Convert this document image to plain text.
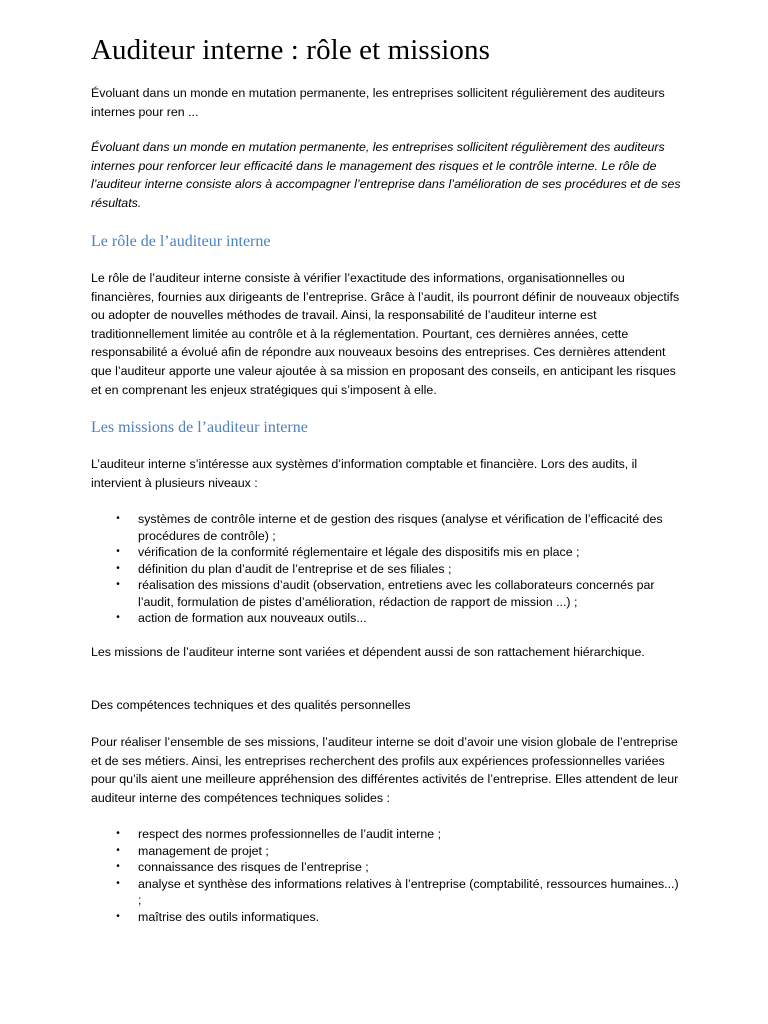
Auditeur interne : rôle et missions

Évoluant dans un monde en mutation permanente, les entreprises sollicitent régulièrement des auditeurs internes pour ren ...

Évoluant dans un monde en mutation permanente, les entreprises sollicitent régulièrement des auditeurs internes pour renforcer leur efficacité dans le management des risques et le contrôle interne. Le rôle de l’auditeur interne consiste alors à accompagner l’entreprise dans l’amélioration de ses procédures et de ses résultats.

Le rôle de l’auditeur interne

Le rôle de l’auditeur interne consiste à vérifier l’exactitude des informations, organisationnelles ou financières, fournies aux dirigeants de l’entreprise. Grâce à l’audit, ils pourront définir de nouveaux objectifs ou adopter de nouvelles méthodes de travail. Ainsi, la responsabilité de l’auditeur interne est traditionnellement limitée au contrôle et à la réglementation. Pourtant, ces dernières années, cette responsabilité a évolué afin de répondre aux nouveaux besoins des entreprises. Ces dernières attendent que l’auditeur apporte une valeur ajoutée à sa mission en proposant des conseils, en anticipant les risques et en comprenant les enjeux stratégiques qui s’imposent à elle.

Les missions de l’auditeur interne

L’auditeur interne s’intéresse aux systèmes d’information comptable et financière. Lors des audits, il intervient à plusieurs niveaux :

• systèmes de contrôle interne et de gestion des risques (analyse et vérification de l’efficacité des procédures de contrôle) ;
• vérification de la conformité réglementaire et légale des dispositifs mis en place ;
• définition du plan d’audit de l’entreprise et de ses filiales ;
• réalisation des missions d’audit (observation, entretiens avec les collaborateurs concernés par l’audit, formulation de pistes d’amélioration, rédaction de rapport de mission ...) ;
• action de formation aux nouveaux outils...

Les missions de l’auditeur interne sont variées et dépendent aussi de son rattachement hiérarchique.

Des compétences techniques et des qualités personnelles

Pour réaliser l’ensemble de ses missions, l’auditeur interne se doit d’avoir une vision globale de l’entreprise et de ses métiers. Ainsi, les entreprises recherchent des profils aux expériences professionnelles variées pour qu’ils aient une meilleure appréhension des différentes activités de l’entreprise. Elles attendent de leur auditeur interne des compétences techniques solides :

• respect des normes professionnelles de l’audit interne ;
• management de projet ;
• connaissance des risques de l’entreprise ;
• analyse et synthèse des informations relatives à l’entreprise (comptabilité, ressources humaines...) ;
• maîtrise des outils informatiques.
